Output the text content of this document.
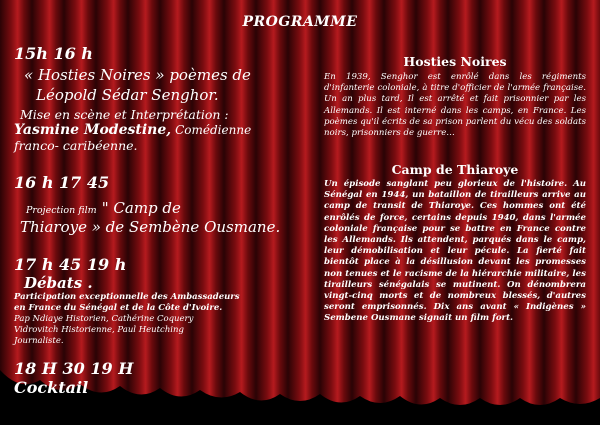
PROGRAMME

15h 16 h

« Hosties Noires » poèmes de

Léopold Sédar Senghor.

Mise en scène et Interprétation :

Yasmine Modestine, Comédienne

franco- caribéenne.

16 h 17 45

Projection film " Camp de

Thiaroye » de Sembène Ousmane.

17 h 45 19 h

Débats .

Participation exceptionnelle des Ambassadeurs

en France du Sénégal et de la Côte d'Ivoire.

Pap Ndiaye Historien, Cathérine Coquery

Vidrovitch Historienne, Paul Heutching

Journaliste.

18 H 30 19 H

Cocktail

Hosties Noires

En 1939, Senghor est enrôlé dans les régiments d'infanterie coloniale, à titre d'officier de l'armée française. Un an plus tard, Il est arrêté et fait prisonnier par les Allemands. Il est interné dans les camps, en France. Les poèmes qu'il écrits de sa prison parlent du vécu des soldats noirs, prisonniers de guerre…

Camp de Thiaroye

Un épisode sanglant peu glorieux de l'histoire. Au Sénégal en 1944, un bataillon de tirailleurs arrive au camp de transit de Thiaroye. Ces hommes ont été enrôlés de force, certains depuis 1940, dans l'armée coloniale française pour se battre en France contre les Allemands. Ils attendent, parqués dans le camp, leur démobilisation et leur pécule. La fierté fait bientôt place à la désillusion devant les promesses non tenues et le racisme de la hiérarchie militaire, les tirailleurs sénégalais se mutinent. On dénombrera vingt-cinq morts et de nombreux blessés, d'autres seront emprisonnés. Dix ans avant « Indigènes » Sembene Ousmane signait un film fort.
